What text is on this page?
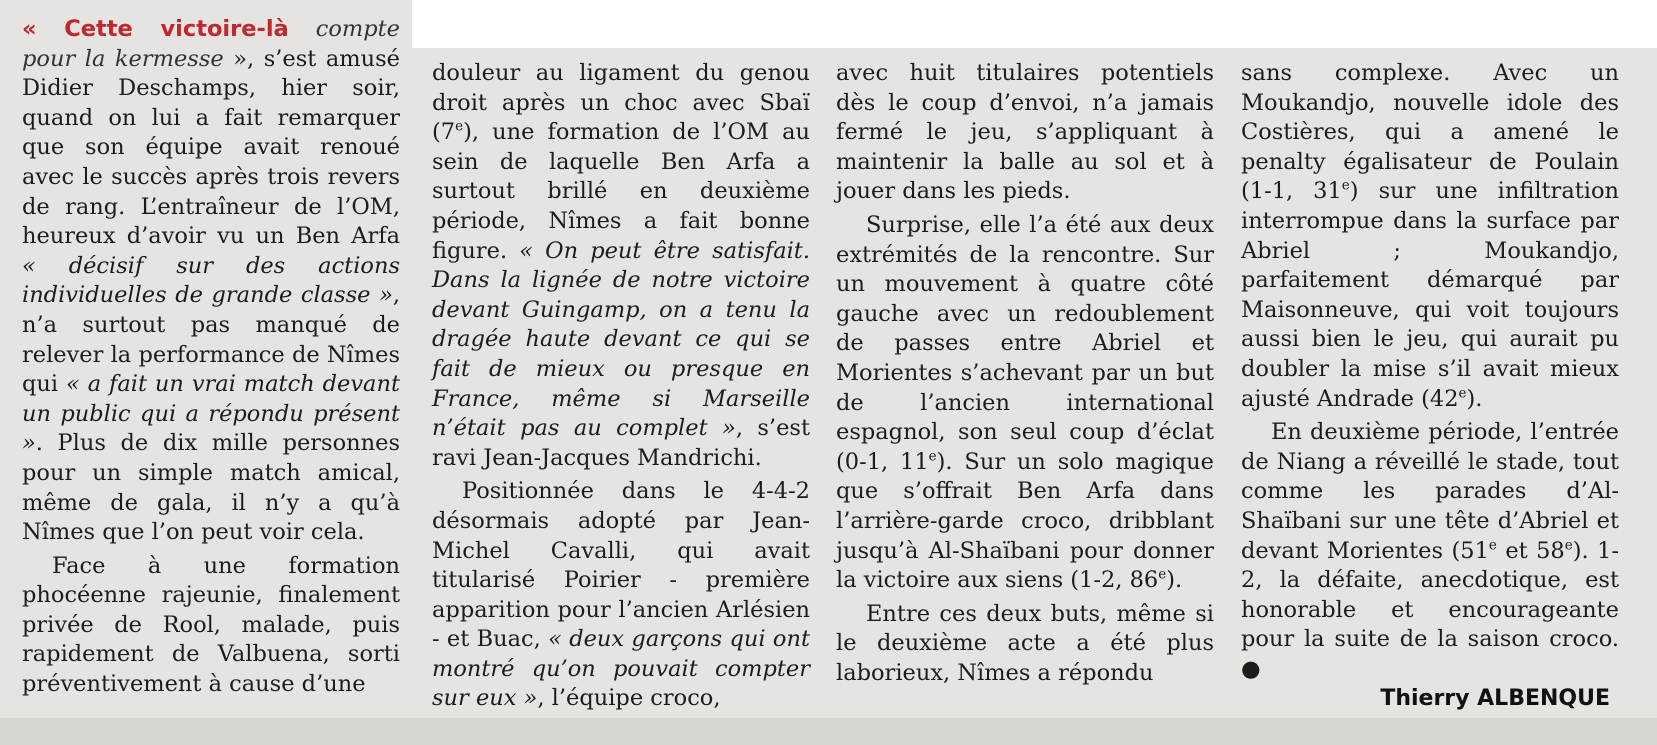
« Cette victoire-là compte pour la kermesse », s’est amusé Didier Deschamps, hier soir, quand on lui a fait remarquer que son équipe avait renoué avec le succès après trois revers de rang. L’entraîneur de l’OM, heureux d’avoir vu un Ben Arfa « décisif sur des actions individuelles de grande classe », n’a surtout pas manqué de relever la performance de Nîmes qui « a fait un vrai match devant un public qui a répondu présent ». Plus de dix mille personnes pour un simple match amical, même de gala, il n’y a qu’à Nîmes que l’on peut voir cela.

Face à une formation phocéenne rajeunie, finalement privée de Rool, malade, puis rapidement de Valbuena, sorti préventivement à cause d’une

douleur au ligament du genou droit après un choc avec Sbaï (7e), une formation de l’OM au sein de laquelle Ben Arfa a surtout brillé en deuxième période, Nîmes a fait bonne figure. « On peut être satisfait. Dans la lignée de notre victoire devant Guingamp, on a tenu la dragée haute devant ce qui se fait de mieux ou presque en France, même si Marseille n’était pas au complet », s’est ravi Jean-Jacques Mandrichi.

Positionnée dans le 4-4-2 désormais adopté par Jean-Michel Cavalli, qui avait titularisé Poirier - première apparition pour l’ancien Arlésien - et Buac, « deux garçons qui ont montré qu’on pouvait compter sur eux », l’équipe croco,

avec huit titulaires potentiels dès le coup d’envoi, n’a jamais fermé le jeu, s’appliquant à maintenir la balle au sol et à jouer dans les pieds.

Surprise, elle l’a été aux deux extrémités de la rencontre. Sur un mouvement à quatre côté gauche avec un redoublement de passes entre Abriel et Morientes s’achevant par un but de l’ancien international espagnol, son seul coup d’éclat (0-1, 11e). Sur un solo magique que s’offrait Ben Arfa dans l’arrière-garde croco, dribblant jusqu’à Al-Shaïbani pour donner la victoire aux siens (1-2, 86e).

Entre ces deux buts, même si le deuxième acte a été plus laborieux, Nîmes a répondu

sans complexe. Avec un Moukandjo, nouvelle idole des Costières, qui a amené le penalty égalisateur de Poulain (1-1, 31e) sur une infiltration interrompue dans la surface par Abriel ; Moukandjo, parfaitement démarqué par Maisonneuve, qui voit toujours aussi bien le jeu, qui aurait pu doubler la mise s’il avait mieux ajusté Andrade (42e).

En deuxième période, l’entrée de Niang a réveillé le stade, tout comme les parades d’Al-Shaïbani sur une tête d’Abriel et devant Morientes (51e et 58e). 1-2, la défaite, anecdotique, est honorable et encourageante pour la suite de la saison croco. ●

Thierry ALBENQUE
